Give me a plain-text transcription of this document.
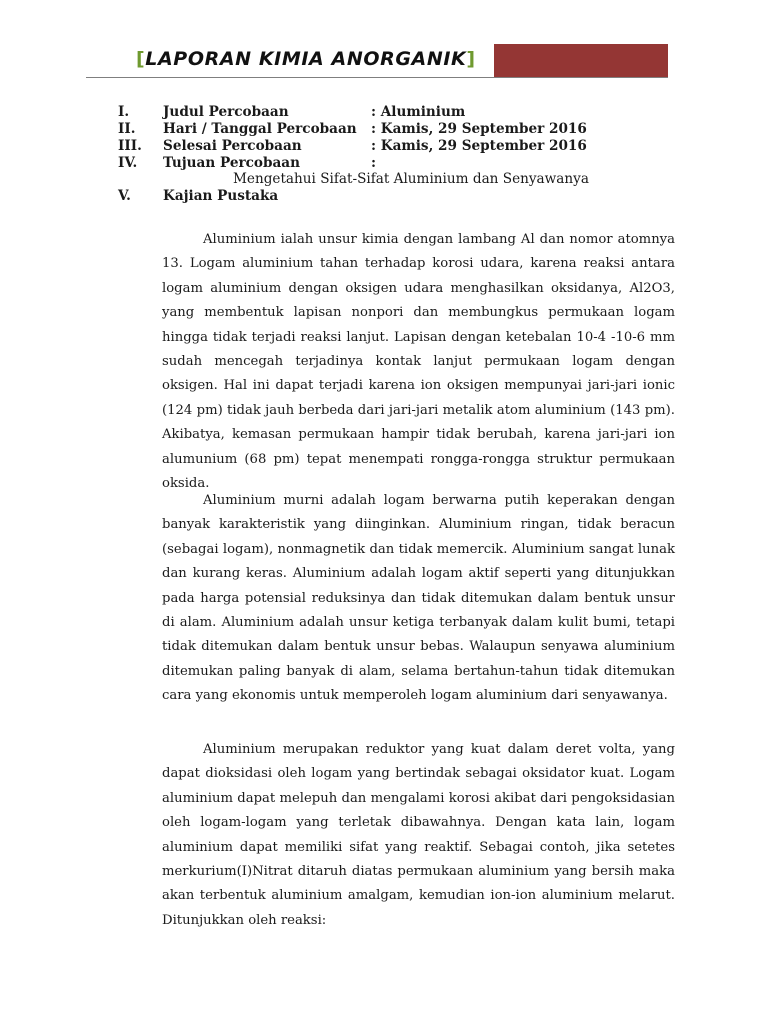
[LAPORAN KIMIA ANORGANIK]
I. Judul Percobaan	: Aluminium
II. Hari / Tanggal Percobaan : Kamis, 29 September 2016
III. Selesai Percobaan	: Kamis, 29 September 2016
IV. Tujuan Percobaan	:
Mengetahui Sifat-Sifat Aluminium dan Senyawanya
V. Kajian Pustaka

Aluminium ialah unsur kimia dengan lambang Al dan nomor atomnya 13. Logam aluminium tahan terhadap korosi udara, karena reaksi antara logam aluminium dengan oksigen udara menghasilkan oksidanya, Al2O3, yang membentuk lapisan nonpori dan membungkus permukaan logam hingga tidak terjadi reaksi lanjut. Lapisan dengan ketebalan 10-4 -10-6 mm sudah mencegah terjadinya kontak lanjut permukaan logam dengan oksigen. Hal ini dapat terjadi karena ion oksigen mempunyai jari-jari ionic (124 pm) tidak jauh berbeda dari jari-jari metalik atom aluminium (143 pm). Akibatya, kemasan permukaan hampir tidak berubah, karena jari-jari ion alumunium (68 pm) tepat menempati rongga-rongga struktur permukaan oksida.

Aluminium murni adalah logam berwarna putih keperakan dengan banyak karakteristik yang diinginkan. Aluminium ringan, tidak beracun (sebagai logam), nonmagnetik dan tidak memercik. Aluminium sangat lunak dan kurang keras. Aluminium adalah logam aktif seperti yang ditunjukkan pada harga potensial reduksinya dan tidak ditemukan dalam bentuk unsur di alam. Aluminium adalah unsur ketiga terbanyak dalam kulit bumi, tetapi tidak ditemukan dalam bentuk unsur bebas. Walaupun senyawa aluminium ditemukan paling banyak di alam, selama bertahun-tahun tidak ditemukan cara yang ekonomis untuk memperoleh logam aluminium dari senyawanya.

Aluminium merupakan reduktor yang kuat dalam deret volta, yang dapat dioksidasi oleh logam yang bertindak sebagai oksidator kuat. Logam aluminium dapat melepuh dan mengalami korosi akibat dari pengoksidasian oleh logam-logam yang terletak dibawahnya. Dengan kata lain, logam aluminium dapat memiliki sifat yang reaktif. Sebagai contoh, jika setetes merkurium(I)Nitrat ditaruh diatas permukaan aluminium yang bersih maka akan terbentuk aluminium amalgam, kemudian ion-ion aluminium melarut. Ditunjukkan oleh reaksi:
